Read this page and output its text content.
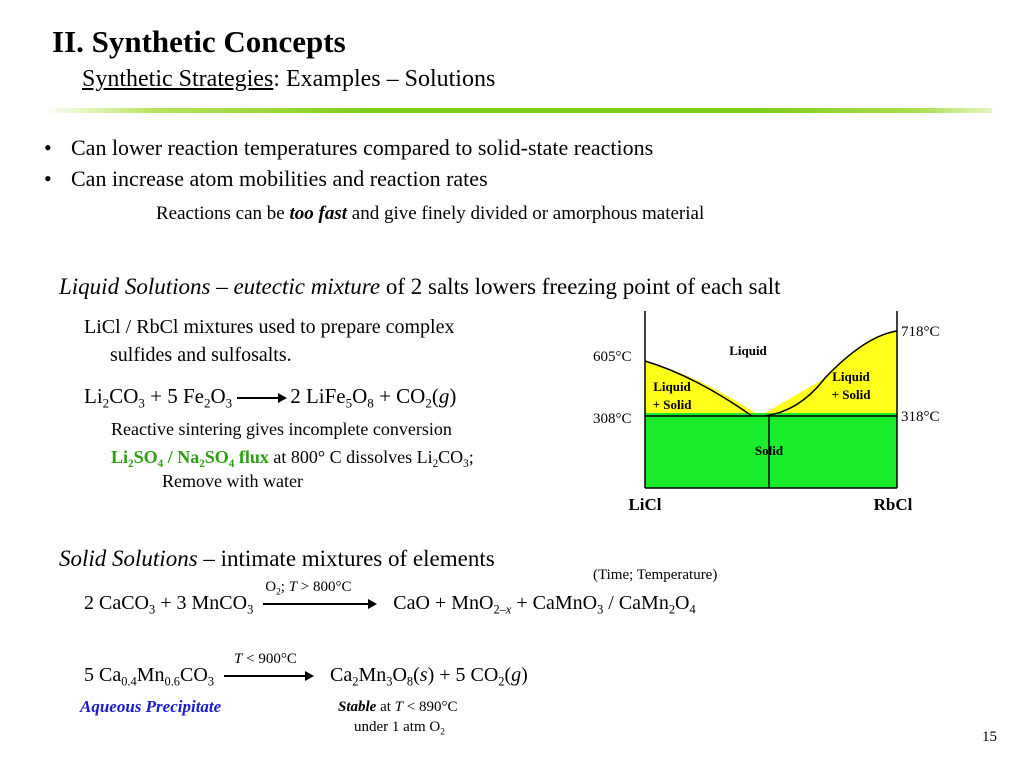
II. Synthetic Concepts
Synthetic Strategies: Examples – Solutions
• Can lower reaction temperatures compared to solid-state reactions
• Can increase atom mobilities and reaction rates
Reactions can be too fast and give finely divided or amorphous material
Liquid Solutions – eutectic mixture of 2 salts lowers freezing point of each salt
LiCl / RbCl mixtures used to prepare complex
sulfides and sulfosalts.
$Li_2CO_3 + 5$ $Fe_2O_3 \to 2$ $LiFe_5O_8 + CO_2(g)$
Reactive sintering gives incomplete conversion
$Li_2SO_4 / Na_2SO_4$ flux at 800° C dissolves $Li_2CO_3$;
Remove with water
605°C
308°C
718°C
318°C
Liquid
Liquid
+ Solid
Liquid
+ Solid
Solid
LiCl	RbCl
Solid Solutions – intimate mixtures of elements
(Time; Temperature)
2 CaCO$_3$ + 3 MnCO$_3$
$O_2$; T > 800°C
CaO + MnO$_{2-x}$ + CaMnO$_3$ / $CaMn_2O_4$
5 $Ca_{0.4}Mn_{0.6}CO_3$
T < 900°C
$Ca_2Mn_3O_8(s) + 5$ $CO_2(g)$
Aqueous Precipitate	Stable at T < 890°C
under 1 atm $O_2$	15
